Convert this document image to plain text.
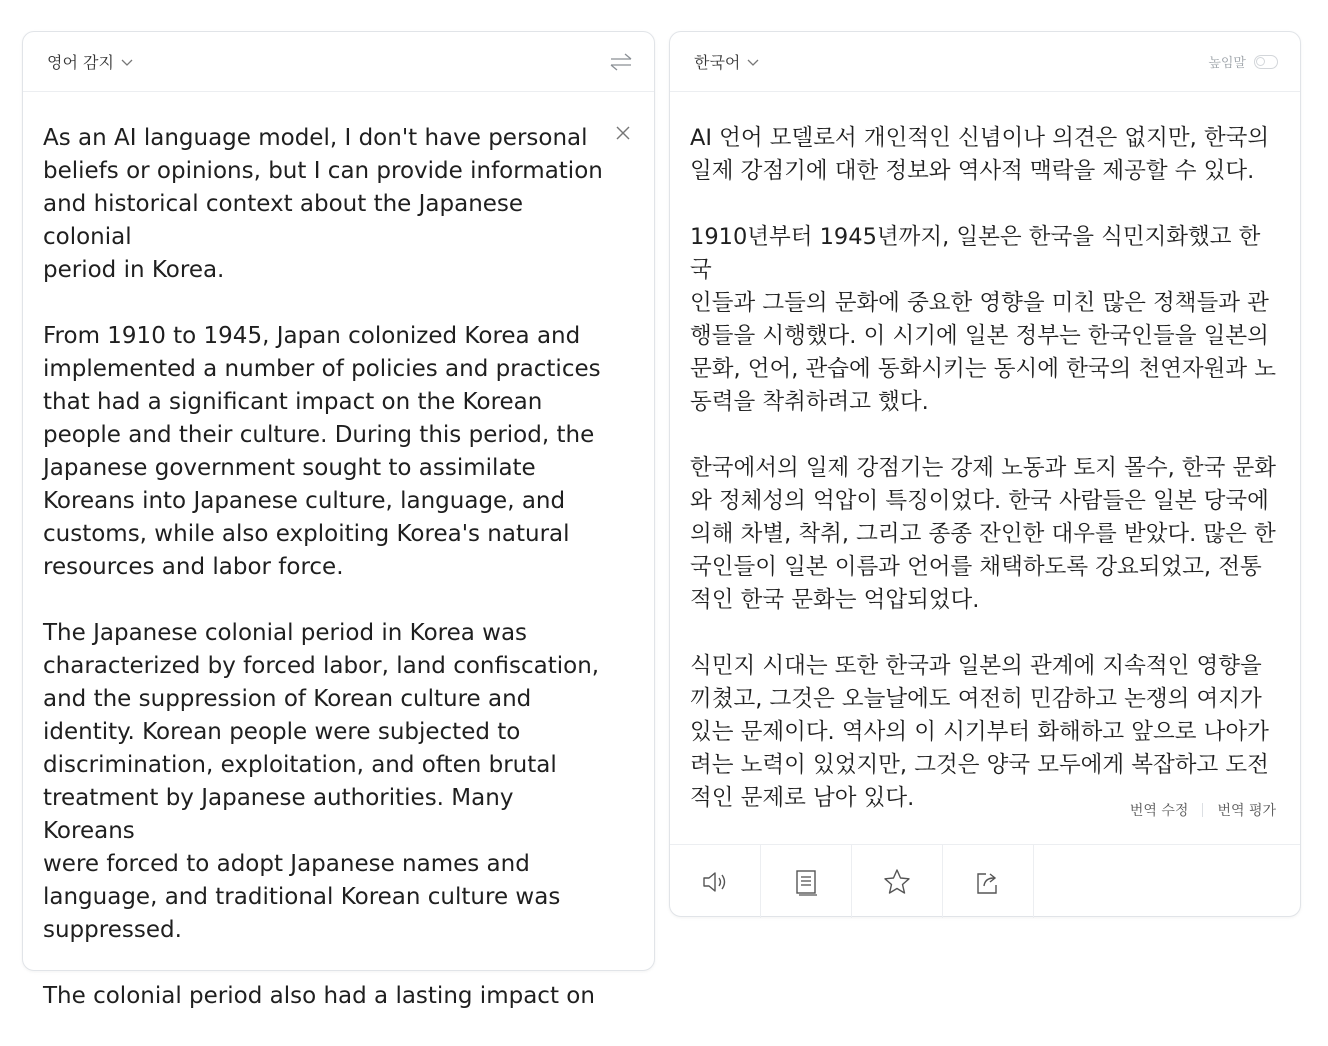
영어 감지

As an AI language model, I don't have personal
beliefs or opinions, but I can provide information
and historical context about the Japanese colonial
period in Korea.

From 1910 to 1945, Japan colonized Korea and
implemented a number of policies and practices
that had a significant impact on the Korean
people and their culture. During this period, the
Japanese government sought to assimilate
Koreans into Japanese culture, language, and
customs, while also exploiting Korea's natural
resources and labor force.

The Japanese colonial period in Korea was
characterized by forced labor, land confiscation,
and the suppression of Korean culture and
identity. Korean people were subjected to
discrimination, exploitation, and often brutal
treatment by Japanese authorities. Many Koreans
were forced to adopt Japanese names and
language, and traditional Korean culture was
suppressed.

The colonial period also had a lasting impact on

한국어	높임말

AI 언어 모델로서 개인적인 신념이나 의견은 없지만, 한국의
일제 강점기에 대한 정보와 역사적 맥락을 제공할 수 있다.

1910년부터 1945년까지, 일본은 한국을 식민지화했고 한국
인들과 그들의 문화에 중요한 영향을 미친 많은 정책들과 관
행들을 시행했다. 이 시기에 일본 정부는 한국인들을 일본의
문화, 언어, 관습에 동화시키는 동시에 한국의 천연자원과 노
동력을 착취하려고 했다.

한국에서의 일제 강점기는 강제 노동과 토지 몰수, 한국 문화
와 정체성의 억압이 특징이었다. 한국 사람들은 일본 당국에
의해 차별, 착취, 그리고 종종 잔인한 대우를 받았다. 많은 한
국인들이 일본 이름과 언어를 채택하도록 강요되었고, 전통
적인 한국 문화는 억압되었다.

식민지 시대는 또한 한국과 일본의 관계에 지속적인 영향을
끼쳤고, 그것은 오늘날에도 여전히 민감하고 논쟁의 여지가
있는 문제이다. 역사의 이 시기부터 화해하고 앞으로 나아가
려는 노력이 있었지만, 그것은 양국 모두에게 복잡하고 도전
적인 문제로 남아 있다.	번역 수정 번역 평가
